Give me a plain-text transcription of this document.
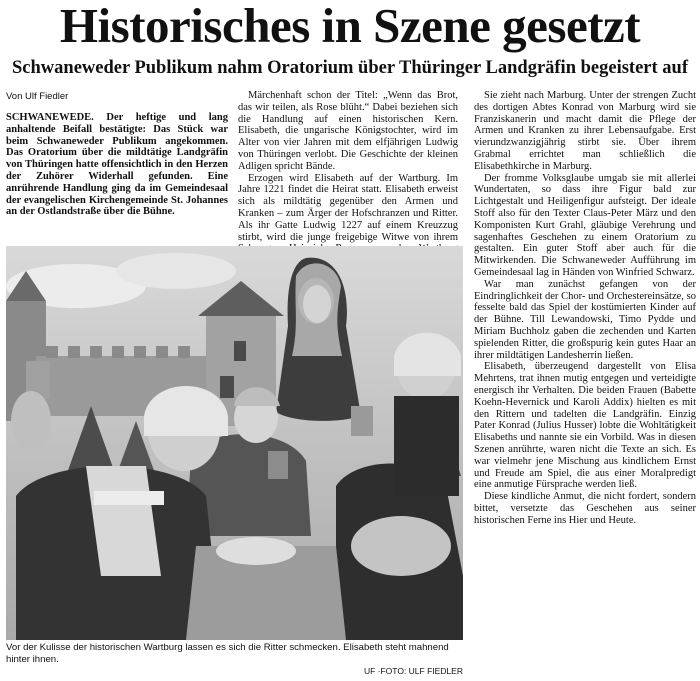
Historisches in Szene gesetzt
Schwaneweder Publikum nahm Oratorium über Thüringer Landgräfin begeistert auf
Von Ulf Fiedler

SCHWANEWEDE. Der heftige und lang anhaltende Beifall bestätigte: Das Stück war beim Schwaneweder Publikum angekommen. Das Oratorium über die mildtätige Landgräfin von Thüringen hatte offensichtlich in den Herzen der Zuhörer Widerhall gefunden. Eine anrührende Handlung ging da im Gemeindesaal der evangelischen Kirchengemeinde St. Johannes an der Ostlandstraße über die Bühne.

Märchenhaft schon der Titel: „Wenn das Brot, das wir teilen, als Rose blüht.“ Dabei beziehen sich die Handlung auf einen historischen Kern. Elisabeth, die ungarische Königstochter, wird im Alter von vier Jahren mit dem elfjährigen Ludwig von Thüringen verlobt. Die Geschichte der kleinen Adligen spricht Bände.

Erzogen wird Elisabeth auf der Wartburg. Im Jahre 1221 findet die Heirat statt. Elisabeth erweist sich als mildtätig gegenüber den Armen und Kranken – zum Ärger der Hofschranzen und Ritter. Als ihr Gatte Ludwig 1227 auf einem Kreuzzug stirbt, wird die junge freigebige Witwe von ihrem

Sie zieht nach Marburg. Unter der strengen Zucht des dortigen Abtes Konrad von Marburg wird sie Franziskanerin und macht damit die Pflege der Armen und Kranken zu ihrer Lebensaufgabe. Erst vierundzwanzigjährig stirbt sie. Über ihrem Grabmal errichtet man schließlich die Elisabethkirche in Marburg.

Der fromme Volksglaube umgab sie mit allerlei Wundertaten, so dass ihre Figur bald zur Lichtgestalt und Heiligenfigur aufsteigt. Der ideale Stoff also für den Texter Claus-Peter März und den Komponisten Kurt Grahl, gläubige Verehrung und sagenhaftes Geschehen zu einem Oratorium zu gestalten. Ein guter Stoff aber auch für die Mitwirkenden. Die Schwaneweder Aufführung im Gemeindesaal lag in Händen von Winfried Schwarz.

War man zunächst gefangen von der Eindringlichkeit der Chor- und Orchestereinsätze, so fesselte bald das Spiel der kostümierten Kinder auf der Bühne. Till Lewandowski, Timo Pydde und Miriam Buchholz gaben die zechenden und Karten spielenden Ritter, die großspurig kein gutes Haar an ihrer mildtätigen Landesherrin ließen.

Elisabeth, überzeugend dargestellt von Elisa Mehrtens, trat ihnen mutig entgegen und verteidigte energisch ihr Verhalten. Die beiden Frauen (Babette Koehn-Hevernick und Karoli Addix) hielten es mit den Rittern und tadelten die Landgräfin. Einzig Pater Konrad (Julius Husser) lobte die Wohltätigkeit Elisabeths und nannte sie ein Vorbild. Was in diesen Szenen anrührte, waren nicht die Texte an sich. Es war vielmehr jene Mischung aus kindlichem Ernst und Freude am Spiel, die aus einer Moralpredigt eine anmutige Fürsprache werden ließ.

Diese kindliche Anmut, die nicht fordert, sondern bittet, versetzte das Geschehen aus seiner historischen Ferne ins Hier und Heute.

Vor der Kulisse der historischen Wartburg lassen es sich die Ritter schmecken. Elisabeth steht mahnend hinter ihnen.
UF ·FOTO: ULF FIEDLER
